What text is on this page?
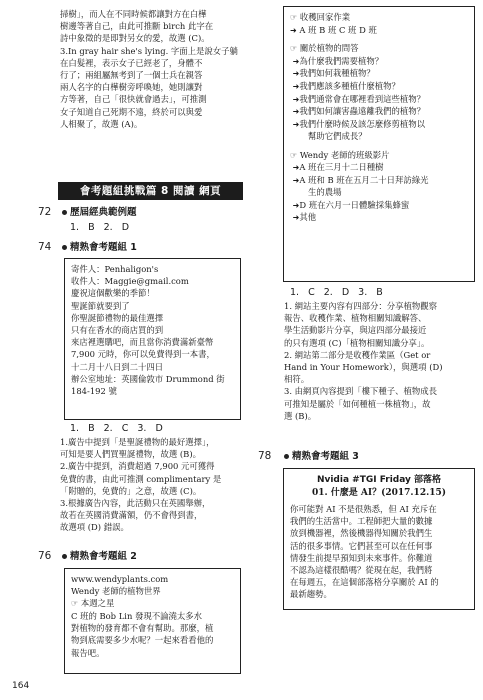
掃樹」，而人在不同時候都讓對方在白樺

樹邊等著自己，由此可推斷 birch 此字在

詩中象徵的是即對另女的愛，故選 (C)。

3.In gray hair she's lying. 字面上是說女子躺

在白髮裡，表示女子已經老了，身體不

行了；兩組屬無考到了一個士兵在親答

兩人名字的白樺樹旁呼喚她，她則讓對

方等著，自己「很快就會過去」，可推測

女子知道自己死期不遠，終於可以與愛

人相聚了，故選 (A)。

會考題組挑戰篇 8 閱讀 網頁
72	歷屆經典範例題
1. B 2. D
74	精熟會考題組 1

寄件人：Penhaligon's

收件人：Maggie@gmail.com

慶祝這個歡樂的季節！

聖誕節就要到了

你聖誕節禮物的最佳選擇

只有在香水的商店買的到

來店裡選購吧，而且當你消費滿新臺幣

7,900 元時，你可以免費得到一本書，

十二月十八日到二十四日

辦公室地址：英國倫敦市 Drummond 街

184-192 號

1. B 2. C 3. D

1.廣告中提到「是聖誕禮物的最好選擇」，

可知是要人們買聖誕禮物，故選 (B)。

2.廣告中提到，消費超過 7,900 元可獲得

免費的書，由此可推測 complimentary 是

「附贈的，免費的」之意，故選 (C)。

3.根據廣告內容，此活動只在英國舉辦，

故若在英國消費滿額，仍不會得到書，

故選項 (D) 錯誤。

76	精熟會考題組 2

www.wendyplants.com

Wendy 老師的植物世界

☞ 本週之星

C 班的 Bob Lin 發現不論澆太多水

對植物的發育都不會有幫助。那麼，植

物到底需要多少水呢？一起來看看他的

報告吧。

☞ 收穫回家作業

➜ A 班 B 班 C 班 D 班

☞ 關於植物的問答

➜為什麼我們需要植物？

➜我們如何栽種植物？

➜我們應該多種植什麼植物？

➜我們通常會在哪裡看到這些植物？

➜我們如何讓害蟲遠離我們的植物？

➜我們什麼時候及該怎麼修剪植物以

幫助它們成長？

☞ Wendy 老師的班級影片

➜A 班在三月十二日種樹

➜A 班和 B 班在五月二十日拜訪綠光

生的農場

➜D 班在六月一日體驗採集蜂蜜

➜其他

1. C 2. D 3. B

1. 網站主要內容有四部分：分享植物觀察

報告、收穫作業、植物相關知識解答、

學生活動影片分享，與這四部分最接近

的只有選項 (C)「植物相關知識分享」。

2. 網站第二部分是收穫作業區（Get or

Hand in Your Homework），與選項 (D)

相符。

3. 由網頁內容提到「樓下種子、植物成長

可推知是屬於「如何種植一株植物」，故

選 (B)。

78	精熟會考題組 3

Nvidia #TGI Friday 部落格

01. 什麼是 AI？(2017.12.15)

你可能對 AI 不是很熟悉，但 AI 充斥在

我們的生活當中。工程師把大量的數據

放到機器裡，然後機器得知關於我們生

活的很多事情。它們甚至可以在任何事

情發生前提早預知到未來事件。你難道

不認為這樣很酷嗎？從現在起，我們將

在每週五，在這個部落格分享關於 AI 的

最新趨勢。

164
